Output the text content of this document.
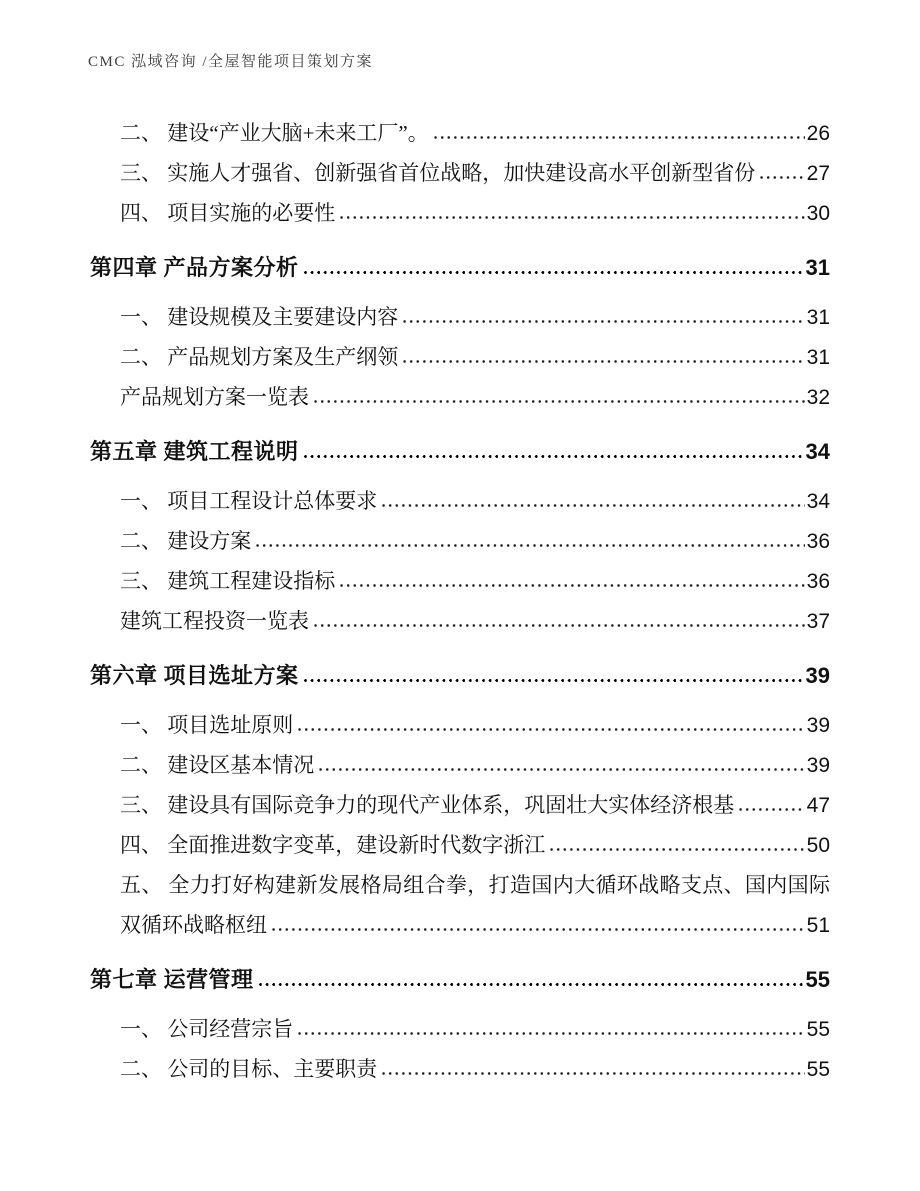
CMC 泓域咨询 /全屋智能项目策划方案
二、 建设“产业大脑+未来工厂”。	26
三、 实施人才强省、创新强省首位战略，加快建设高水平创新型省份 27
四、 项目实施的必要性	30
第四章 产品方案分析	31
一、 建设规模及主要建设内容	31
二、 产品规划方案及生产纲领	31
产品规划方案一览表	32
第五章 建筑工程说明	34
一、 项目工程设计总体要求	34
二、 建设方案	36
三、 建筑工程建设指标	36
建筑工程投资一览表	37
第六章 项目选址方案	39
一、 项目选址原则	39
二、 建设区基本情况	39
三、 建设具有国际竞争力的现代产业体系，巩固壮大实体经济根基	47
四、 全面推进数字变革，建设新时代数字浙江	50
五、 全力打好构建新发展格局组合拳，打造国内大循环战略支点、国内国际
双循环战略枢纽	51
第七章 运营管理	55
一、 公司经营宗旨	55
二、 公司的目标、主要职责	55
